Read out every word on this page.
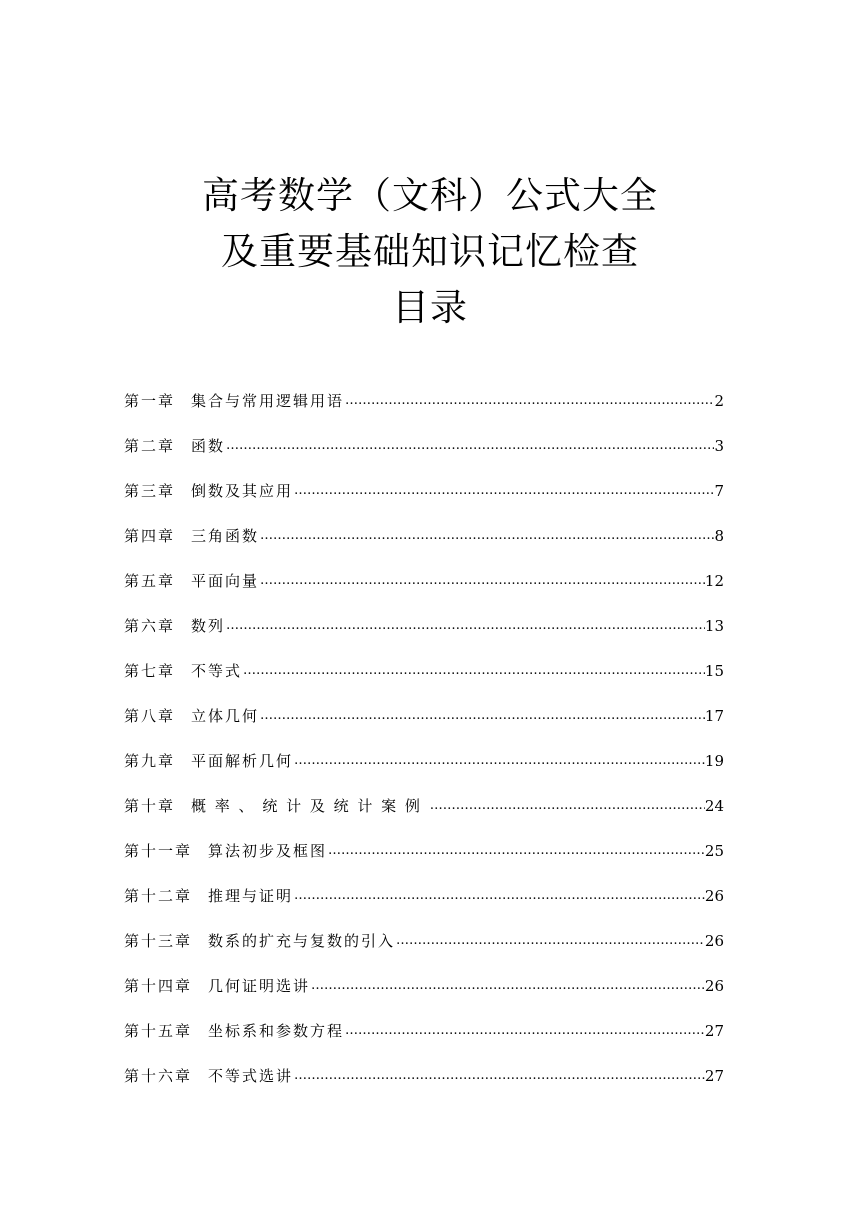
高考数学（文科）公式大全
及重要基础知识记忆检查
目录
第一章 集合与常用逻辑用语 …………………………………………………………………………………………………………………………	2
第二章 函数 …………………………………………………………………………………………………………………………	3
第三章 倒数及其应用 …………………………………………………………………………………………………………………………	7
第四章 三角函数 …………………………………………………………………………………………………………………………	8
第五章 平面向量 …………………………………………………………………………………………………………………………	12
第六章 数列 …………………………………………………………………………………………………………………………	13
第七章 不等式 …………………………………………………………………………………………………………………………	15
第八章 立体几何 …………………………………………………………………………………………………………………………	17
第九章 平面解析几何 …………………………………………………………………………………………………………………………	19
第十章 概 率 、 统 计 及 统 计 案 例 …………………………………………………………………………………………………………………………	24
第十一章 算法初步及框图 …………………………………………………………………………………………………………………………	25
第十二章 推理与证明 …………………………………………………………………………………………………………………………	26
第十三章 数系的扩充与复数的引入 …………………………………………………………………………………………………………………………	26
第十四章 几何证明选讲 …………………………………………………………………………………………………………………………	26
第十五章 坐标系和参数方程 …………………………………………………………………………………………………………………………	27
第十六章 不等式选讲 …………………………………………………………………………………………………………………………	27
